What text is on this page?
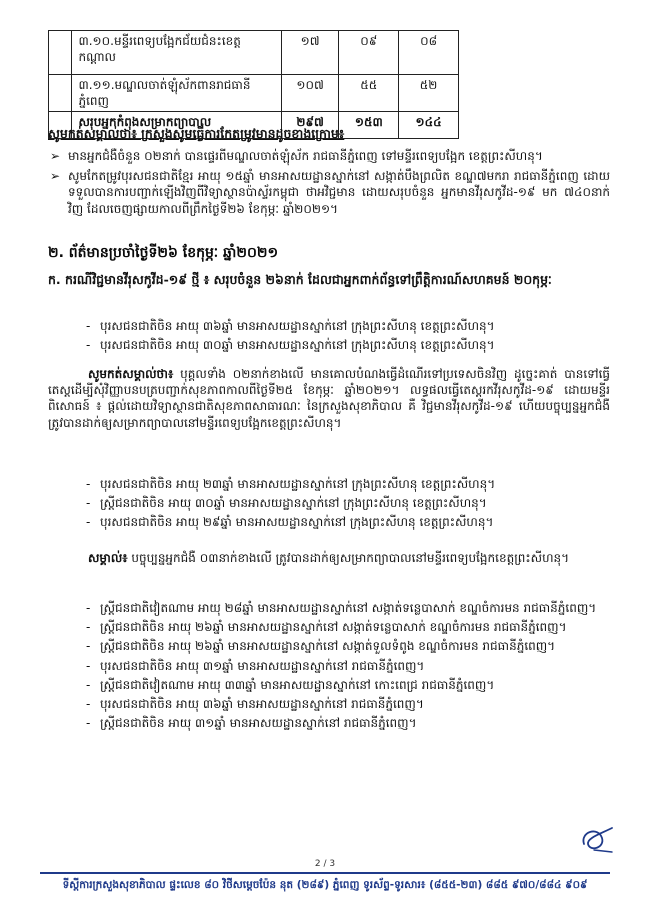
	៣.១០.មន្ទីរពេទ្យបង្អែកជ័យជំនះខេត្តកណ្តាល	១៧	០៩	០៨
	៣.១១.មណ្ឌលចាត់ឡុំស័កពានរាជធានីភ្នំពេញ	១០៧	៥៥	៥២
	សរុបអ្នកកំពុងសម្រាកព្យាបាល	២៩៧	១៥៣	១៤៤
សូមកត់សម្គាល់ថា៖ ក្រសួងសូមធ្វើការកែតម្រូវមានដូចខាងក្រោម៖
➢ មានអ្នកជំងឺចំនួន ០២នាក់ បានផ្ទេរពីមណ្ឌលចាត់ឡុំស័ក រាជធានីភ្នំពេញ ទៅមន្ទីរពេទ្យបង្អែក ខេត្តព្រះសីហនុ។
➢ សូមកែតម្រូវបុរសជនជាតិខ្មែរ អាយុ ១៥ឆ្នាំ មានអាសយដ្ឋានស្នាក់នៅ សង្កាត់បឹងព្រលិត ខណ្ឌ៧មករា រាជធានីភ្នំពេញ ដោយទទួលបានការបញ្ជាក់ឡើងវិញពីវិទ្យាស្ថានប៉ាស្ទ័រកម្ពុជា ថាអវិជ្ជមាន ដោយសរុបចំនួន អ្នកមានវីរុសកូវីដ-១៩ មក ៧៤០នាក់វិញ ដែលចេញផ្សាយកាលពីព្រឹកថ្ងៃទី២៦ ខែកុម្ភៈ ឆ្នាំ២០២១។
២. ព័ត៌មានប្រចាំថ្ងៃទី២៦ ខែកុម្ភៈ ឆ្នាំ២០២១
ក. ករណីវិជ្ជមានវីរុសកូវីដ-១៩ ថ្មី ៖ សរុបចំនួន ២៦នាក់ ដែលជាអ្នកពាក់ព័ន្ធទៅព្រឹត្តិការណ៍សហគមន៍ ២០កុម្ភៈ
- បុរសជនជាតិចិន អាយុ ៣៦ឆ្នាំ មានអាសយដ្ឋានស្នាក់នៅ ក្រុងព្រះសីហនុ ខេត្តព្រះសីហនុ។
- បុរសជនជាតិចិន អាយុ ៣០ឆ្នាំ មានអាសយដ្ឋានស្នាក់នៅ ក្រុងព្រះសីហនុ ខេត្តព្រះសីហនុ។

សូមកត់សម្គាល់ថា៖ បុគ្គលទាំង ០២នាក់ខាងលើ មានគោលបំណងធ្វើដំណើរទៅប្រទេសចិនវិញ ដូច្នេះគាត់ បានទៅធ្វើតេស្តដើម្បីសុំវិញ្ញាបនបត្របញ្ជាក់សុខភាពកាលពីថ្ងៃទី២៥ ខែកុម្ភៈ ឆ្នាំ២០២១។ លទ្ធផលធ្វើតេស្តរកវីរុសកូវីដ-១៩ ដោយមន្ទីរពិសោធន៍ ៖ ផ្តល់ដោយវិទ្យាស្ថានជាតិសុខភាពសាធារណៈ នៃក្រសួងសុខាភិបាល គឺ វិជ្ជមានវីរុសកូវីដ-១៩ ហើយបច្ចុប្បន្នអ្នកជំងឺត្រូវបានដាក់ឲ្យសម្រាកព្យាបាលនៅមន្ទីរពេទ្យបង្អែកខេត្តព្រះសីហនុ។

- បុរសជនជាតិចិន អាយុ ២៣ឆ្នាំ មានអាសយដ្ឋានស្នាក់នៅ ក្រុងព្រះសីហនុ ខេត្តព្រះសីហនុ។
- ស្ត្រីជនជាតិចិន អាយុ ៣០ឆ្នាំ មានអាសយដ្ឋានស្នាក់នៅ ក្រុងព្រះសីហនុ ខេត្តព្រះសីហនុ។
- បុរសជនជាតិចិន អាយុ ២៩ឆ្នាំ មានអាសយដ្ឋានស្នាក់នៅ ក្រុងព្រះសីហនុ ខេត្តព្រះសីហនុ។

សម្គាល់៖ បច្ចុប្បន្នអ្នកជំងឺ ០៣នាក់ខាងលើ ត្រូវបានដាក់ឲ្យសម្រាកព្យាបាលនៅមន្ទីរពេទ្យបង្អែកខេត្តព្រះសីហនុ។

- ស្ត្រីជនជាតិវៀតណាម អាយុ ២៨ឆ្នាំ មានអាសយដ្ឋានស្នាក់នៅ សង្កាត់ទន្លេបាសាក់ ខណ្ឌចំការមន រាជធានីភ្នំពេញ។
- ស្ត្រីជនជាតិចិន អាយុ ២៦ឆ្នាំ មានអាសយដ្ឋានស្នាក់នៅ សង្កាត់ទន្លេបាសាក់ ខណ្ឌចំការមន រាជធានីភ្នំពេញ។
- ស្ត្រីជនជាតិចិន អាយុ ២៦ឆ្នាំ មានអាសយដ្ឋានស្នាក់នៅ សង្កាត់ទួលទំពូង ខណ្ឌចំការមន រាជធានីភ្នំពេញ។
- បុរសជនជាតិចិន អាយុ ៣១ឆ្នាំ មានអាសយដ្ឋានស្នាក់នៅ រាជធានីភ្នំពេញ។
- ស្ត្រីជនជាតិវៀតណាម អាយុ ៣៣ឆ្នាំ មានអាសយដ្ឋានស្នាក់នៅ កោះពេជ្រ រាជធានីភ្នំពេញ។
- បុរសជនជាតិចិន អាយុ ៣៦ឆ្នាំ មានអាសយដ្ឋានស្នាក់នៅ រាជធានីភ្នំពេញ។
- ស្ត្រីជនជាតិចិន អាយុ ៣១ឆ្នាំ មានអាសយដ្ឋានស្នាក់នៅ រាជធានីភ្នំពេញ។
2 / 3
ទីស្តីការក្រសួងសុខាភិបាល ផ្ទះលេខ ៨០ វិថីសម្តេចប៉ែន នុត (២៨៩) ភ្នំពេញ ទូរស័ព្ទ-ទូរសារ៖ (៨៥៥-២៣) ៨៨៥ ៩៧០/៨៨៤ ៩០៩
